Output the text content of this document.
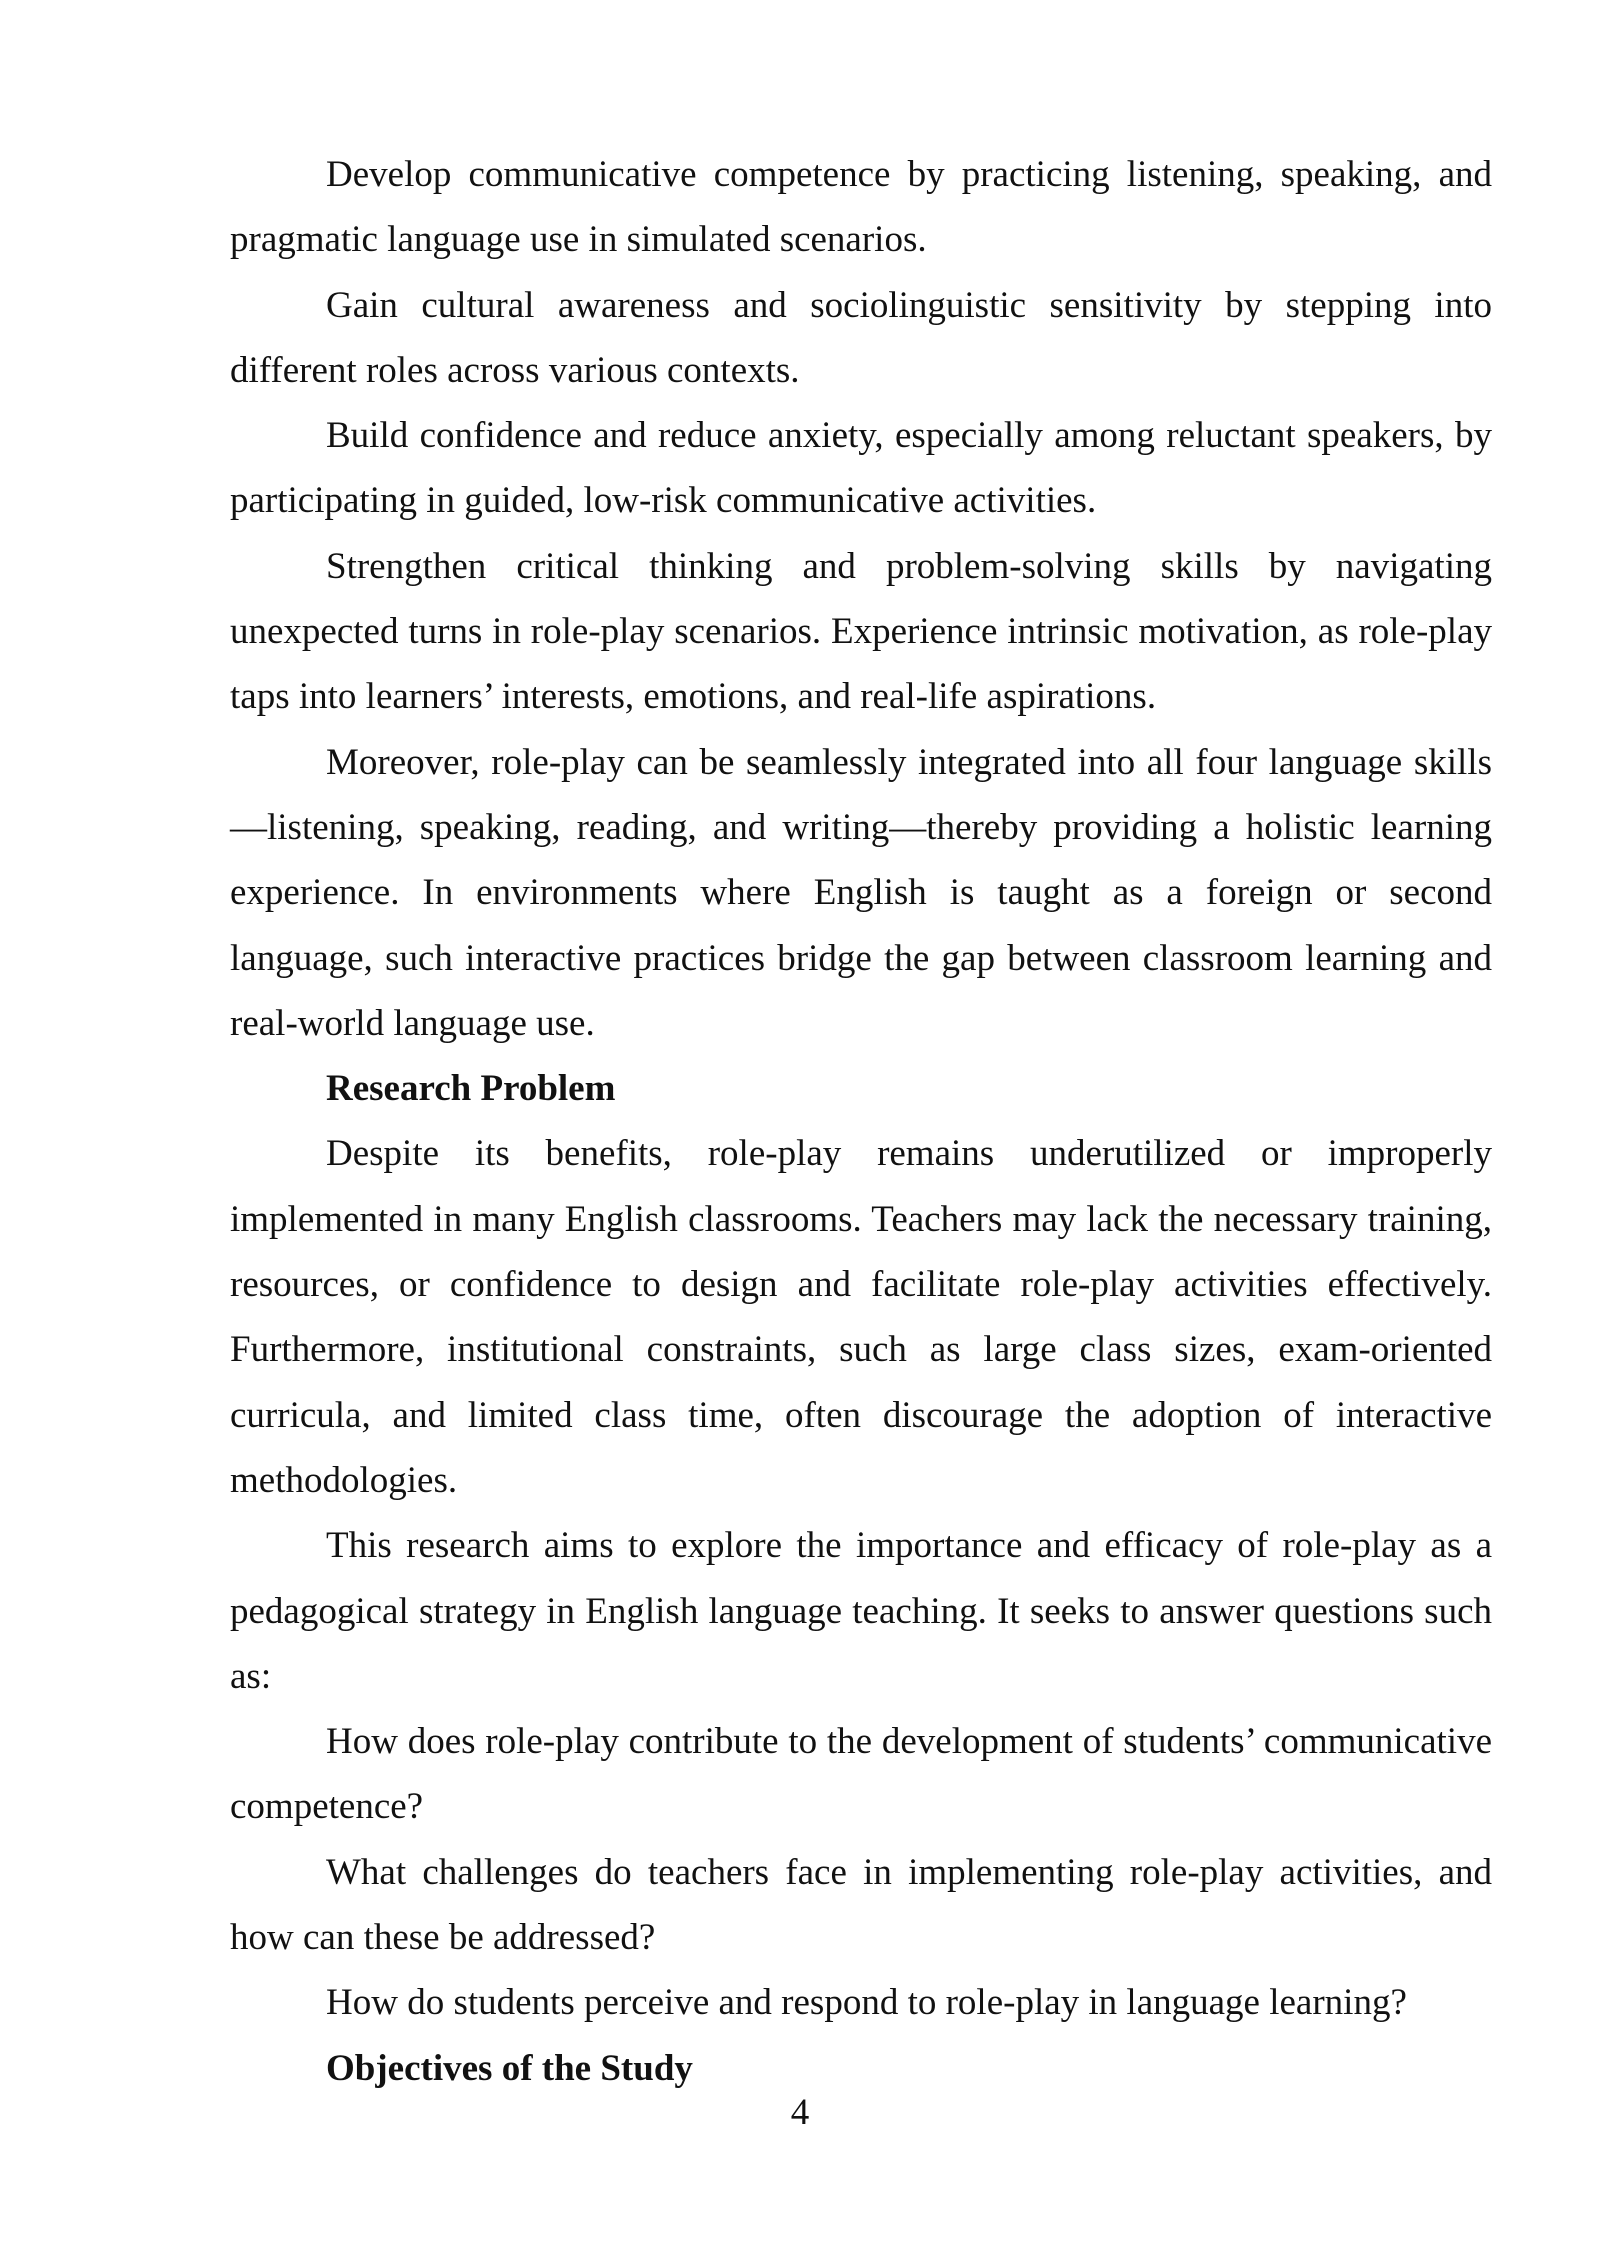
Develop communicative competence by practicing listening, speaking, and pragmatic language use in simulated scenarios.

Gain cultural awareness and sociolinguistic sensitivity by stepping into different roles across various contexts.

Build confidence and reduce anxiety, especially among reluctant speakers, by participating in guided, low-risk communicative activities.

Strengthen critical thinking and problem-solving skills by navigating unexpected turns in role-play scenarios. Experience intrinsic motivation, as role-play taps into learners’ interests, emotions, and real-life aspirations.

Moreover, role-play can be seamlessly integrated into all four language skills —listening, speaking, reading, and writing—thereby providing a holistic learning experience. In environments where English is taught as a foreign or second language, such interactive practices bridge the gap between classroom learning and real-world language use.

Research Problem

Despite its benefits, role-play remains underutilized or improperly implemented in many English classrooms. Teachers may lack the necessary training, resources, or confidence to design and facilitate role-play activities effectively. Furthermore, institutional constraints, such as large class sizes, exam-oriented curricula, and limited class time, often discourage the adoption of interactive methodologies.

This research aims to explore the importance and efficacy of role-play as a pedagogical strategy in English language teaching. It seeks to answer questions such as:

How does role-play contribute to the development of students’ communicative competence?

What challenges do teachers face in implementing role-play activities, and how can these be addressed?

How do students perceive and respond to role-play in language learning?

Objectives of the Study
4
